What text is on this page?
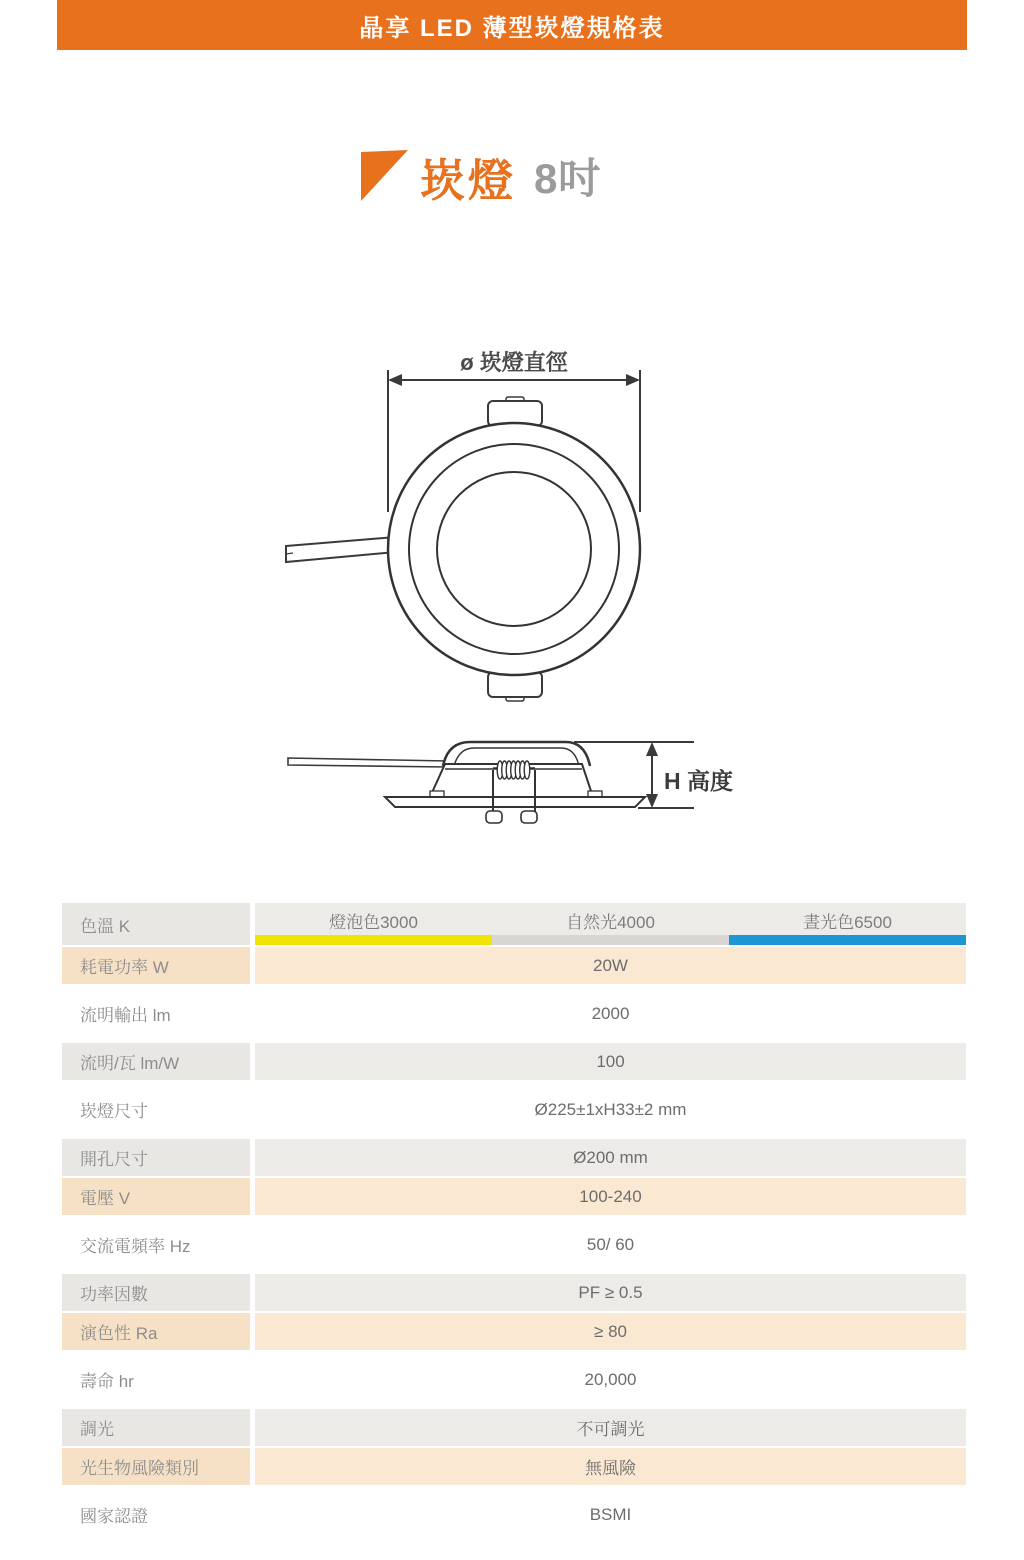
晶享 LED 薄型崁燈規格表
崁燈 8吋
ø 崁燈直徑
H 高度
色溫 K	燈泡色3000	自然光4000	晝光色6500
耗電功率 W	20W
流明輸出 lm	2000
流明/瓦 lm/W	100
崁燈尺寸	Ø225±1xH33±2 mm
開孔尺寸	Ø200 mm
電壓 V	100-240
交流電頻率 Hz	50/ 60
功率因數	PF ≥ 0.5
演色性 Ra	≥ 80
壽命 hr	20,000
調光	不可調光
光生物風險類別	無風險
國家認證	BSMI
